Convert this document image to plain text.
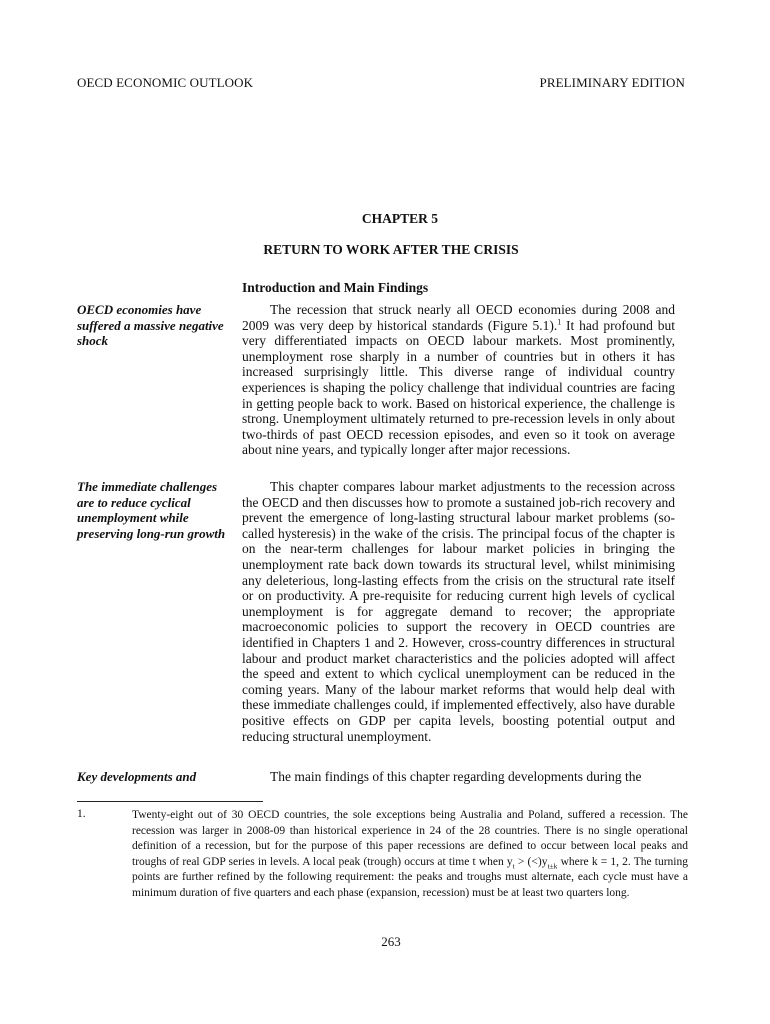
OECD ECONOMIC OUTLOOK	PRELIMINARY EDITION
CHAPTER 5
RETURN TO WORK AFTER THE CRISIS
Introduction and Main Findings
OECD economies have suffered a massive negative shock

The recession that struck nearly all OECD economies during 2008 and 2009 was very deep by historical standards (Figure 5.1).$^1$ It had profound but very differentiated impacts on OECD labour markets. Most prominently, unemployment rose sharply in a number of countries but in others it has increased surprisingly little. This diverse range of individual country experiences is shaping the policy challenge that individual countries are facing in getting people back to work. Based on historical experience, the challenge is strong. Unemployment ultimately returned to pre-recession levels in only about two-thirds of past OECD recession episodes, and even so it took on average about nine years, and typically longer after major recessions.

The immediate challenges are to reduce cyclical unemployment while preserving long-run growth

This chapter compares labour market adjustments to the recession across the OECD and then discusses how to promote a sustained job-rich recovery and prevent the emergence of long-lasting structural labour market problems (so-called hysteresis) in the wake of the crisis. The principal focus of the chapter is on the near-term challenges for labour market policies in bringing the unemployment rate back down towards its structural level, whilst minimising any deleterious, long-lasting effects from the crisis on the structural rate itself or on productivity. A pre-requisite for reducing current high levels of cyclical unemployment is for aggregate demand to recover; the appropriate macroeconomic policies to support the recovery in OECD countries are identified in Chapters 1 and 2. However, cross-country differences in structural labour and product market characteristics and the policies adopted will affect the speed and extent to which cyclical unemployment can be reduced in the coming years. Many of the labour market reforms that would help deal with these immediate challenges could, if implemented effectively, also have durable positive effects on GDP per capita levels, boosting potential output and reducing structural unemployment.

Key developments and	The main findings of this chapter regarding developments during the

1.	Twenty-eight out of 30 OECD countries, the sole exceptions being Australia and Poland, suffered a recession. The recession was larger in 2008-09 than historical experience in 24 of the 28 countries. There is no single operational definition of a recession, but for the purpose of this paper recessions are defined to occur between local peaks and troughs of real GDP series in levels. A local peak (trough) occurs at time t when $y_t > (<)y_{t\pm k}$ where k = 1, 2. The turning points are further refined by the following requirement: the peaks and troughs must alternate, each cycle must have a minimum duration of five quarters and each phase (expansion, recession) must be at least two quarters long.

263
